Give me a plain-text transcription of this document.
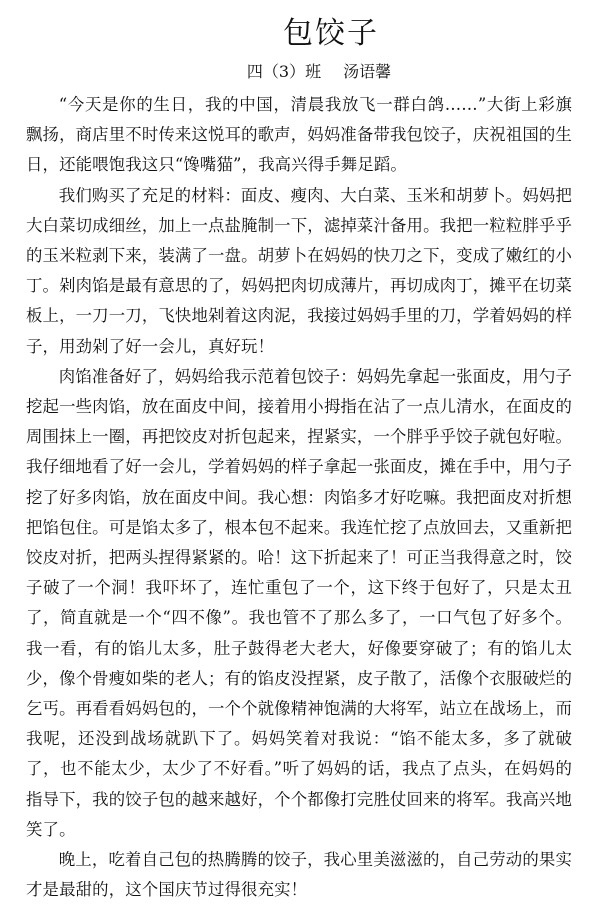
包饺子
四（3）班 汤语馨

“今天是你的生日，我的中国，清晨我放飞一群白鸽……”大街上彩旗飘扬，商店里不时传来这悦耳的歌声，妈妈准备带我包饺子，庆祝祖国的生日，还能喂饱我这只“馋嘴猫”，我高兴得手舞足蹈。

我们购买了充足的材料：面皮、瘦肉、大白菜、玉米和胡萝卜。妈妈把大白菜切成细丝，加上一点盐腌制一下，滤掉菜汁备用。我把一粒粒胖乎乎的玉米粒剥下来，装满了一盘。胡萝卜在妈妈的快刀之下，变成了嫩红的小丁。剁肉馅是最有意思的了，妈妈把肉切成薄片，再切成肉丁，摊平在切菜板上，一刀一刀，飞快地剁着这肉泥，我接过妈妈手里的刀，学着妈妈的样子，用劲剁了好一会儿，真好玩！

肉馅准备好了，妈妈给我示范着包饺子：妈妈先拿起一张面皮，用勺子挖起一些肉馅，放在面皮中间，接着用小拇指在沾了一点儿清水，在面皮的周围抹上一圈，再把饺皮对折包起来，捏紧实，一个胖乎乎饺子就包好啦。我仔细地看了好一会儿，学着妈妈的样子拿起一张面皮，摊在手中，用勺子挖了好多肉馅，放在面皮中间。我心想：肉馅多才好吃嘛。我把面皮对折想把馅包住。可是馅太多了，根本包不起来。我连忙挖了点放回去，又重新把饺皮对折，把两头捏得紧紧的。哈！这下折起来了！可正当我得意之时，饺子破了一个洞！我吓坏了，连忙重包了一个，这下终于包好了，只是太丑了，简直就是一个“四不像”。我也管不了那么多了，一口气包了好多个。我一看，有的馅儿太多，肚子鼓得老大老大，好像要穿破了；有的馅儿太少，像个骨瘦如柴的老人；有的馅皮没捏紧，皮子散了，活像个衣服破烂的乞丐。再看看妈妈包的，一个个就像精神饱满的大将军，站立在战场上，而我呢，还没到战场就趴下了。妈妈笑着对我说：“馅不能太多，多了就破了，也不能太少，太少了不好看。”听了妈妈的话，我点了点头，在妈妈的指导下，我的饺子包的越来越好，个个都像打完胜仗回来的将军。我高兴地笑了。

晚上，吃着自己包的热腾腾的饺子，我心里美滋滋的，自己劳动的果实才是最甜的，这个国庆节过得很充实！
